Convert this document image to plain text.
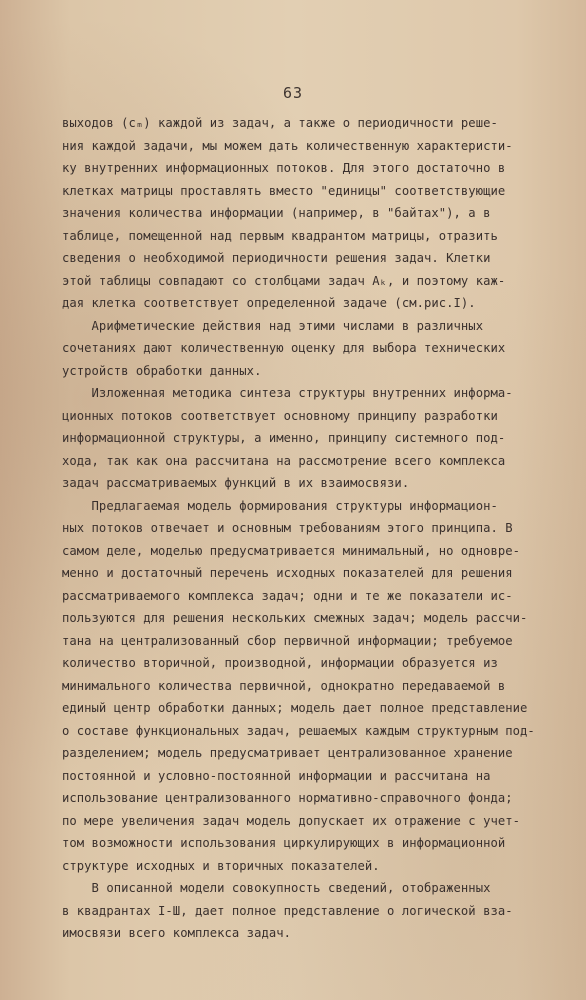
63
выходов (cₘ) каждой из задач, а также о периодичности реше-
ния каждой задачи, мы можем дать количественную характеристи-
ку внутренних информационных потоков. Для этого достаточно в
клетках матрицы проставлять вместо "единицы" соответствующие
значения количества информации (например, в "байтах"), а в
таблице, помещенной над первым квадрантом матрицы, отразить
сведения о необходимой периодичности решения задач. Клетки
этой таблицы совпадают со столбцами задач Aₖ, и поэтому каж-
дая клетка соответствует определенной задаче (см.рис.I).
Арифметические действия над этими числами в различных
сочетаниях дают количественную оценку для выбора технических
устройств обработки данных.
Изложенная методика синтеза структуры внутренних информа-
ционных потоков соответствует основному принципу разработки
информационной структуры, а именно, принципу системного под-
хода, так как она рассчитана на рассмотрение всего комплекса
задач рассматриваемых функций в их взаимосвязи.
Предлагаемая модель формирования структуры информацион-
ных потоков отвечает и основным требованиям этого принципа. В
самом деле, моделью предусматривается минимальный, но одновре-
менно и достаточный перечень исходных показателей для решения
рассматриваемого комплекса задач; одни и те же показатели ис-
пользуются для решения нескольких смежных задач; модель рассчи-
тана на централизованный сбор первичной информации; требуемое
количество вторичной, производной, информации образуется из
минимального количества первичной, однократно передаваемой в
единый центр обработки данных; модель дает полное представление
о составе функциональных задач, решаемых каждым структурным под-
разделением; модель предусматривает централизованное хранение
постоянной и условно-постоянной информации и рассчитана на
использование централизованного нормативно-справочного фонда;
по мере увеличения задач модель допускает их отражение с учет-
том возможности использования циркулирующих в информационной
структуре исходных и вторичных показателей.
В описанной модели совокупность сведений, отображенных
в квадрантах I-Ш, дает полное представление о логической вза-
имосвязи всего комплекса задач.
